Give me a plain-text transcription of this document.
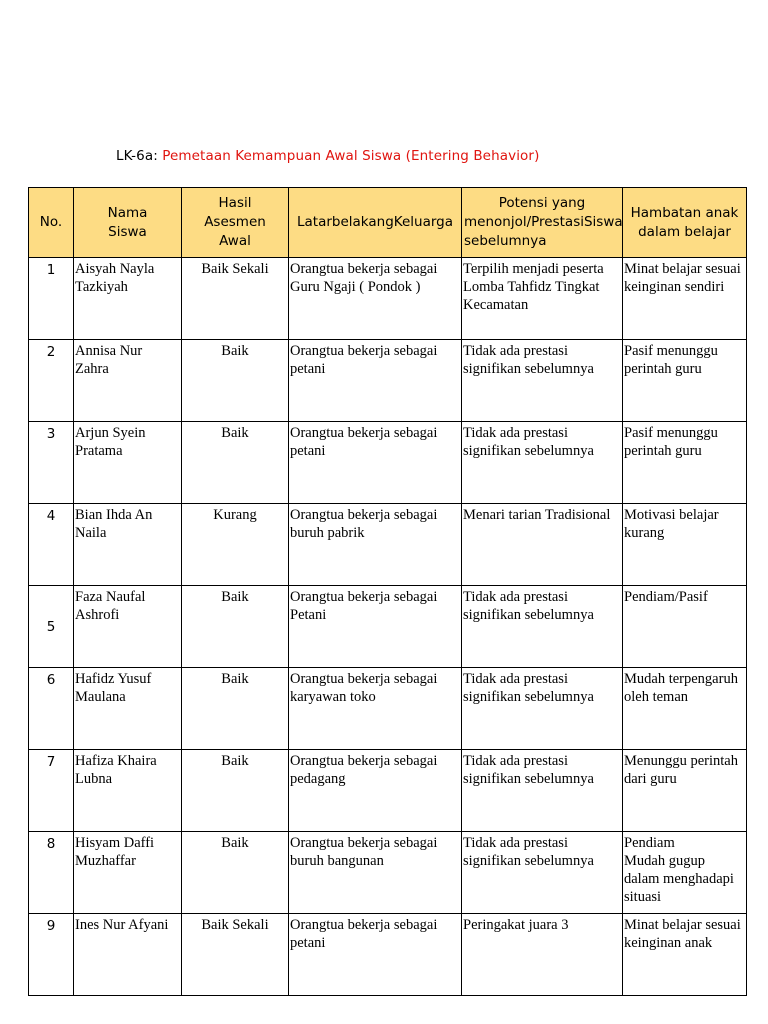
LK-6a: Pemetaan Kemampuan Awal Siswa (Entering Behavior)
No.	Nama
Siswa	Hasil
Asesmen
Awal	LatarbelakangKeluarga	Potensi yang
menonjol/PrestasiSiswa
sebelumnya	Hambatan anak
dalam belajar

1	Aisyah Nayla
Tazkiyah	Baik Sekali	Orangtua bekerja sebagai
Guru Ngaji ( Pondok )	Terpilih menjadi peserta
Lomba Tahfidz Tingkat
Kecamatan	Minat belajar sesuai
keinginan sendiri

2	Annisa Nur
Zahra	Baik	Orangtua bekerja sebagai
petani	Tidak ada prestasi
signifikan sebelumnya	Pasif menunggu
perintah guru

3	Arjun Syein
Pratama	Baik	Orangtua bekerja sebagai
petani	Tidak ada prestasi
signifikan sebelumnya	Pasif menunggu
perintah guru

4	Bian Ihda An
Naila	Kurang	Orangtua bekerja sebagai
buruh pabrik	Menari tarian Tradisional	Motivasi belajar
kurang

5	Faza Naufal
Ashrofi	Baik	Orangtua bekerja sebagai
Petani	Tidak ada prestasi
signifikan sebelumnya	Pendiam/Pasif

6	Hafidz Yusuf
Maulana	Baik	Orangtua bekerja sebagai
karyawan toko	Tidak ada prestasi
signifikan sebelumnya	Mudah terpengaruh
oleh teman

7	Hafiza Khaira
Lubna	Baik	Orangtua bekerja sebagai
pedagang	Tidak ada prestasi
signifikan sebelumnya	Menunggu perintah
dari guru

8	Hisyam Daffi
Muzhaffar	Baik	Orangtua bekerja sebagai
buruh bangunan	Tidak ada prestasi
signifikan sebelumnya	Pendiam
Mudah gugup
dalam menghadapi
situasi

9	Ines Nur Afyani	Baik Sekali	Orangtua bekerja sebagai
petani	Peringakat juara 3	Minat belajar sesuai
keinginan anak
